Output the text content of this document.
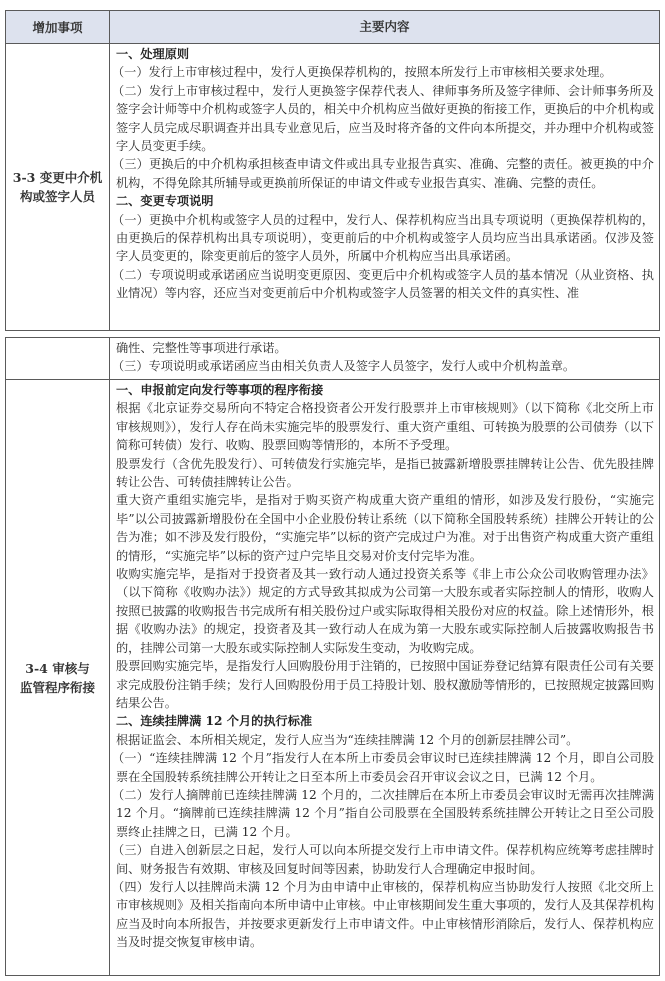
增加事项	主要内容
3-3 变更中介机构或签字人员
一、处理原则
（一）发行上市审核过程中，发行人更换保荐机构的，按照本所发行上市审核相关要求处理。
（二）发行上市审核过程中，发行人更换签字保荐代表人、律师事务所及签字律师、会计师事务所及签字会计师等中介机构或签字人员的，相关中介机构应当做好更换的衔接工作，更换后的中介机构或签字人员完成尽职调查并出具专业意见后，应当及时将齐备的文件向本所提交，并办理中介机构或签字人员变更手续。
（三）更换后的中介机构承担核查申请文件或出具专业报告真实、准确、完整的责任。被更换的中介机构，不得免除其所辅导或更换前所保证的申请文件或专业报告真实、准确、完整的责任。
二、变更专项说明
（一）更换中介机构或签字人员的过程中，发行人、保荐机构应当出具专项说明（更换保荐机构的，由更换后的保荐机构出具专项说明），变更前后的中介机构或签字人员均应当出具承诺函。仅涉及签字人员变更的，除变更前后的签字人员外，所属中介机构应当出具承诺函。
（二）专项说明或承诺函应当说明变更原因、变更后中介机构或签字人员的基本情况（从业资格、执业情况）等内容，还应当对变更前后中介机构或签字人员签署的相关文件的真实性、准
确性、完整性等事项进行承诺。
（三）专项说明或承诺函应当由相关负责人及签字人员签字，发行人或中介机构盖章。
3-4 审核与监管程序衔接
一、申报前定向发行等事项的程序衔接
根据《北京证券交易所向不特定合格投资者公开发行股票并上市审核规则》（以下简称《北交所上市审核规则》），发行人存在尚未实施完毕的股票发行、重大资产重组、可转换为股票的公司债券（以下简称可转债）发行、收购、股票回购等情形的，本所不予受理。
股票发行（含优先股发行）、可转债发行实施完毕，是指已披露新增股票挂牌转让公告、优先股挂牌转让公告、可转债挂牌转让公告。
重大资产重组实施完毕，是指对于购买资产构成重大资产重组的情形，如涉及发行股份，“实施完毕”以公司披露新增股份在全国中小企业股份转让系统（以下简称全国股转系统）挂牌公开转让的公告为准；如不涉及发行股份，“实施完毕”以标的资产完成过户为准。对于出售资产构成重大资产重组的情形，“实施完毕”以标的资产过户完毕且交易对价支付完毕为准。
收购实施完毕，是指对于投资者及其一致行动人通过投资关系等《非上市公众公司收购管理办法》（以下简称《收购办法》）规定的方式导致其拟成为公司第一大股东或者实际控制人的情形，收购人按照已披露的收购报告书完成所有相关股份过户或实际取得相关股份对应的权益。除上述情形外，根据《收购办法》的规定，投资者及其一致行动人在成为第一大股东或实际控制人后披露收购报告书的，挂牌公司第一大股东或实际控制人实际发生变动，为收购完成。
股票回购实施完毕，是指发行人回购股份用于注销的，已按照中国证券登记结算有限责任公司有关要求完成股份注销手续；发行人回购股份用于员工持股计划、股权激励等情形的，已按照规定披露回购结果公告。
二、连续挂牌满 12 个月的执行标准
根据证监会、本所相关规定，发行人应当为“连续挂牌满 12 个月的创新层挂牌公司”。
（一）“连续挂牌满 12 个月”指发行人在本所上市委员会审议时已连续挂牌满 12 个月，即自公司股票在全国股转系统挂牌公开转让之日至本所上市委员会召开审议会议之日，已满 12 个月。
（二）发行人摘牌前已连续挂牌满 12 个月的，二次挂牌后在本所上市委员会审议时无需再次挂牌满 12 个月。“摘牌前已连续挂牌满 12 个月”指自公司股票在全国股转系统挂牌公开转让之日至公司股票终止挂牌之日，已满 12 个月。
（三）自进入创新层之日起，发行人可以向本所提交发行上市申请文件。保荐机构应统筹考虑挂牌时间、财务报告有效期、审核及回复时间等因素，协助发行人合理确定申报时间。
（四）发行人以挂牌尚未满 12 个月为由申请中止审核的，保荐机构应当协助发行人按照《北交所上市审核规则》及相关指南向本所申请中止审核。中止审核期间发生重大事项的，发行人及其保荐机构应当及时向本所报告，并按要求更新发行上市申请文件。中止审核情形消除后，发行人、保荐机构应当及时提交恢复审核申请。
